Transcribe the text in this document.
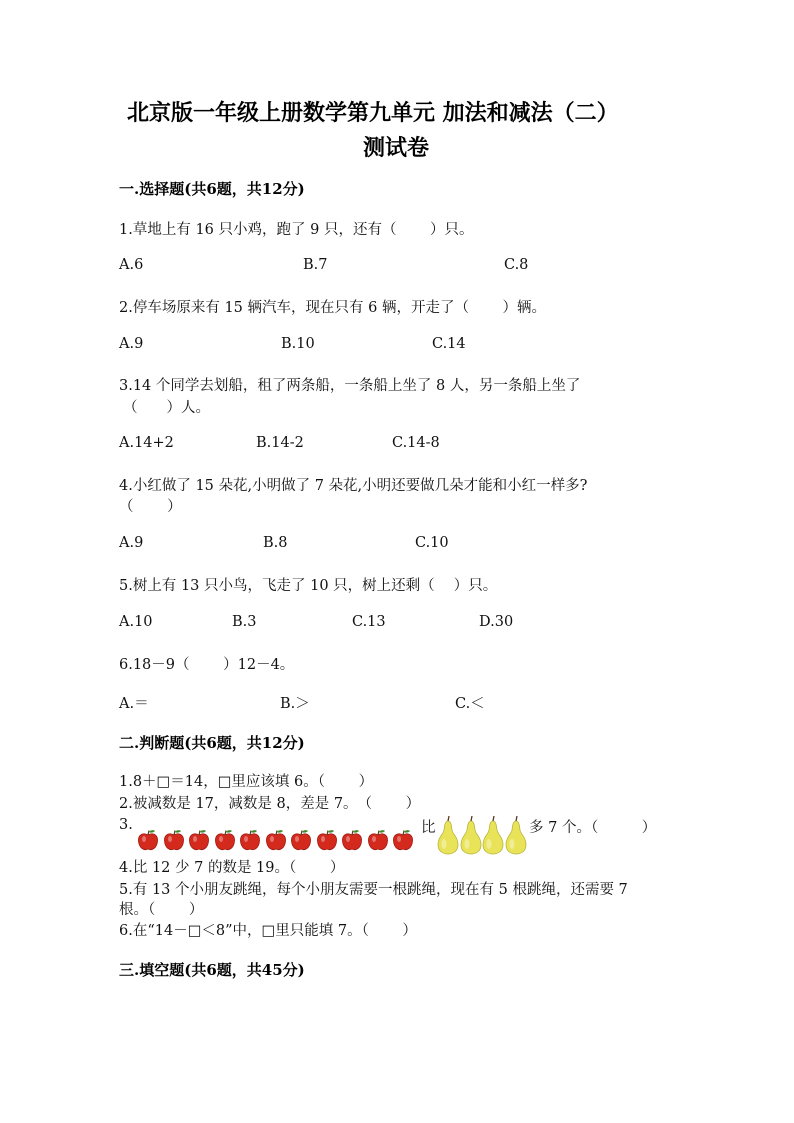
北京版一年级上册数学第九单元 加法和减法（二）
测试卷
一.选择题(共6题，共12分)
1.草地上有 16 只小鸡，跑了 9 只，还有（　　 ）只。
A.6	B.7	C.8
2.停车场原来有 15 辆汽车，现在只有 6 辆，开走了（　　 ）辆。
A.9	B.10	C.14
3.14 个同学去划船，租了两条船，一条船上坐了 8 人，另一条船上坐了
（　　）人。
A.14+2	B.14-2	C.14-8
4.小红做了 15 朵花,小明做了 7 朵花,小明还要做几朵才能和小红一样多?
（　　 ）
A.9	B.8	C.10
5.树上有 13 只小鸟，飞走了 10 只，树上还剩（　 ）只。
A.10	B.3	C.13	D.30
6.18－9（　　 ）12－4。
A.＝	B.＞	C.＜
二.判断题(共6题，共12分)
1.8＋□＝14，□里应该填 6。（　　 ）
2.被减数是 17，减数是 8，差是 7。　（　　 ）
3.	比	多 7 个。（　　　）
4.比 12 少 7 的数是 19。（　　 ）
5.有 13 个小朋友跳绳，每个小朋友需要一根跳绳，现在有 5 根跳绳，还需要 7
根。（　　 ）
6.在“14－□＜8”中，□里只能填 7。（　　 ）
三.填空题(共6题，共45分)
